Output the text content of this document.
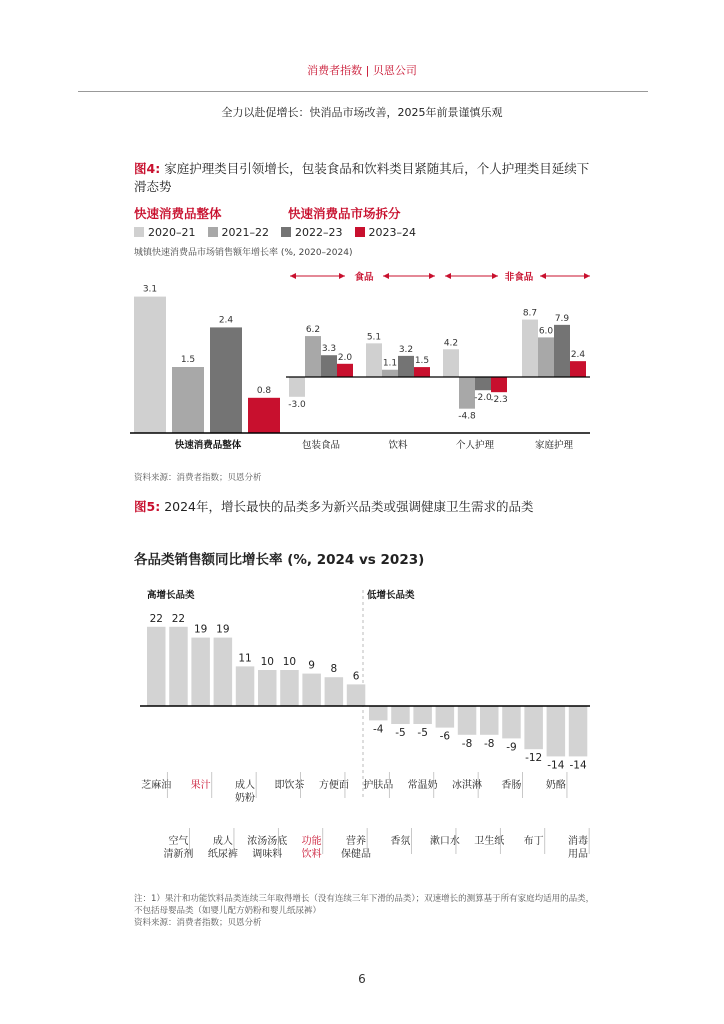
消费者指数 | 贝恩公司
全力以赴促增长：快消品市场改善，2025年前景谨慎乐观
图4: 家庭护理类目引领增长，包装食品和饮料类目紧随其后，个人护理类目延续下
滑态势
快速消费品整体	快速消费品市场拆分
2020–21	2021–22	2022–23	2023–24
城镇快速消费品市场销售额年增长率 (%, 2020–2024)
3.1
1.5
2.4
0.8
快速消费品整体
-3.0
6.2
3.3
2.0
包装食品
5.1
1.1
3.2
1.5
饮料
4.2
-4.8
-2.0
-2.3
个人护理
8.7
6.0
7.9
2.4
家庭护理
食品	非食品
资料来源：消费者指数；贝恩分析
图5: 2024年，增长最快的品类多为新兴品类或强调健康卫生需求的品类
各品类销售额同比增长率 (%, 2024 vs 2023)
高增长品类	低增长品类
22 22
19 19
11 10 10 9 8
6
-4 -5 -5 -6
-8 -8 -9
-12
-14 -14
芝麻油
空气清新剂
果汁
成人纸尿裤
成人奶粉
浓汤汤底调味料
即饮茶
功能饮料
方便面
营养保健品
护肤品
香氛
常温奶
漱口水
冰淇淋
卫生纸
香肠
布丁
奶酪
消毒用品
注：1）果汁和功能饮料品类连续三年取得增长（没有连续三年下滑的品类）；双速增长的测算基于所有家庭均适用的品类，
不包括母婴品类（如婴儿配方奶粉和婴儿纸尿裤）
资料来源：消费者指数；贝恩分析
6
